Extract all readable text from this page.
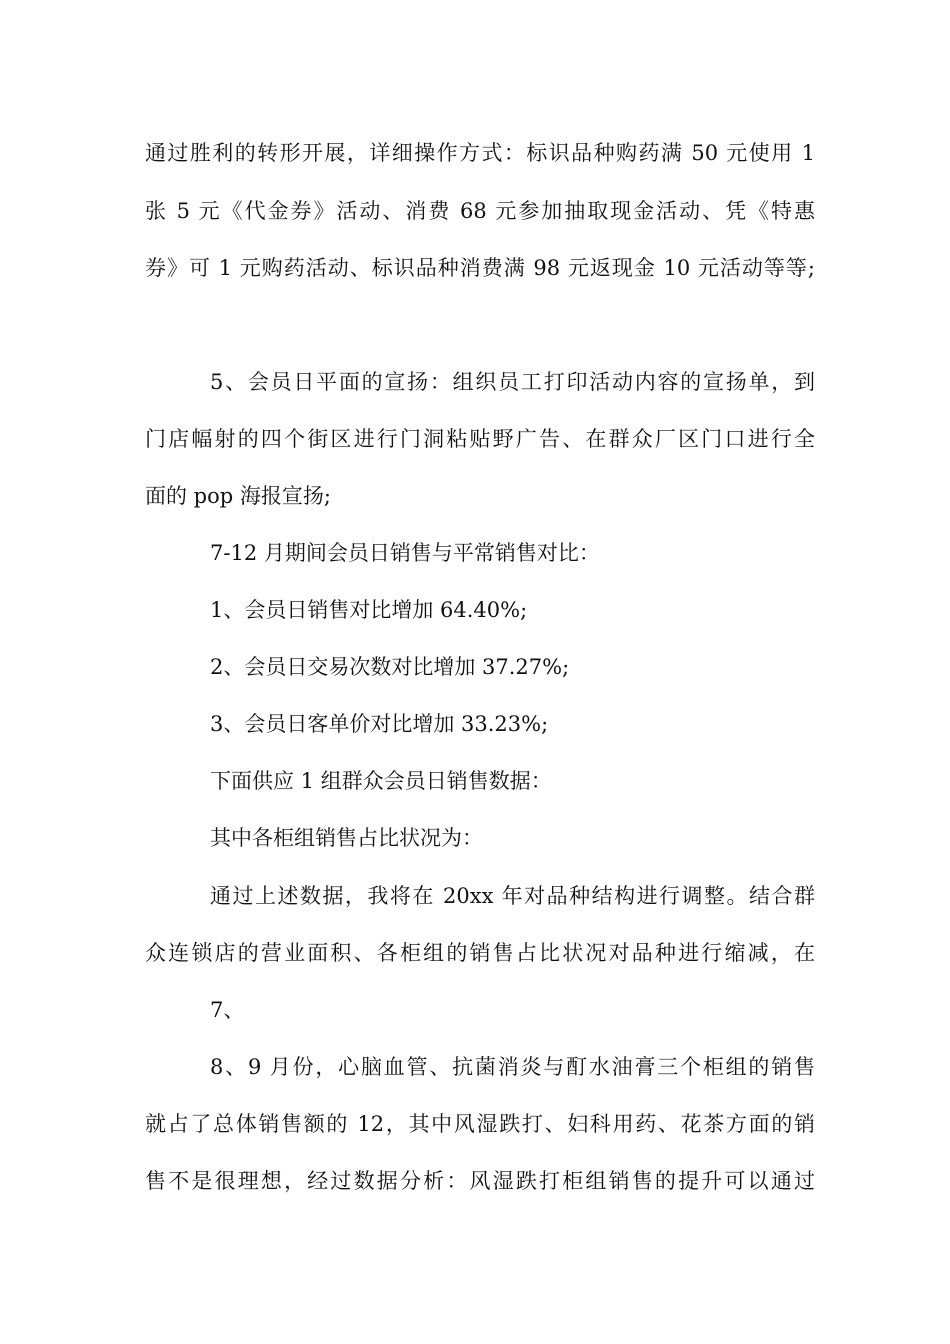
通过胜利的转形开展，详细操作方式：标识品种购药满 50 元使用 1
张 5 元《代金券》活动、消费 68 元参加抽取现金活动、凭《特惠
券》可 1 元购药活动、标识品种消费满 98 元返现金 10 元活动等等;
5、会员日平面的宣扬：组织员工打印活动内容的宣扬单，到
门店幅射的四个街区进行门洞粘贴野广告、在群众厂区门口进行全
面的 pop 海报宣扬;
7-12 月期间会员日销售与平常销售对比：
1、会员日销售对比增加 64.40%;
2、会员日交易次数对比增加 37.27%;
3、会员日客单价对比增加 33.23%;
下面供应 1 组群众会员日销售数据：
其中各柜组销售占比状况为：
通过上述数据，我将在 20xx 年对品种结构进行调整。结合群
众连锁店的营业面积、各柜组的销售占比状况对品种进行缩减，在
7、
8、9 月份，心脑血管、抗菌消炎与酊水油膏三个柜组的销售
就占了总体销售额的 12，其中风湿跌打、妇科用药、花茶方面的销
售不是很理想，经过数据分析：风湿跌打柜组销售的提升可以通过
